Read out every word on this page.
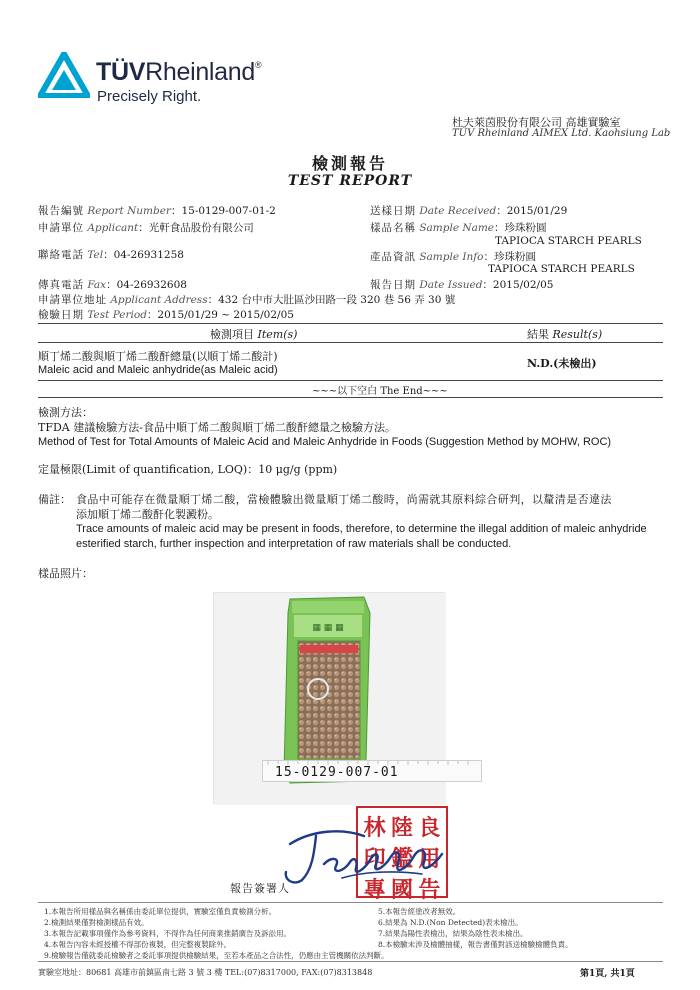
TÜVRheinland®
Precisely Right.
杜夫萊茵股份有限公司 高雄實驗室
TÜV Rheinland AIMEX Ltd. Kaohsiung Lab
檢測報告
TEST REPORT
報告編號 Report Number：15-0129-007-01-2
申請單位 Applicant：光軒食品股份有限公司
聯絡電話 Tel：04-26931258
傳真電話 Fax：04-26932608
申請單位地址 Applicant Address：432 台中市大肚區沙田路一段 320 巷 56 弄 30 號
檢驗日期 Test Period：2015/01/29 ~ 2015/02/05
送樣日期 Date Received：2015/01/29
樣品名稱 Sample Name：珍珠粉圓
TAPIOCA STARCH PEARLS
產品資訊 Sample Info：珍珠粉圓
TAPIOCA STARCH PEARLS
報告日期 Date Issued：2015/02/05
檢測項目 Item(s)	結果 Result(s)
順丁烯二酸與順丁烯二酸酐總量(以順丁烯二酸計)
Maleic acid and Maleic anhydride(as Maleic acid)	N.D.(未檢出)
~~~以下空白 The End~~~
檢測方法：
TFDA 建議檢驗方法-食品中順丁烯二酸與順丁烯二酸酐總量之檢驗方法。
Method of Test for Total Amounts of Maleic Acid and Maleic Anhydride in Foods (Suggestion Method by MOHW, ROC)
定量極限(Limit of quantification, LOQ)：10 μg/g (ppm)
備註： 食品中可能存在微量順丁烯二酸，當檢體驗出微量順丁烯二酸時，尚需就其原料綜合研判，以釐清是否違法
添加順丁烯二酸酐化製澱粉。
Trace amounts of maleic acid may be present in foods, therefore, to determine the illegal addition of maleic anhydride
esterified starch, further inspection and interpretation of raw materials shall be conducted.
樣品照片：
▦ ▦ ▦
15-0129-007-01
林 陸 良
印 鑑 用
專 國 告
報告簽署人
1.本報告所用樣品與名稱係由委託單位提供，實驗室僅負責檢測分析。
2.檢測結果僅對檢測樣品有效。
3.本報告記載事項僅作為參考資料，不得作為任何商業推銷廣告及訴訟用。
4.本報告內容未經授權不得部份複製，但完整複製除外。
9.檢驗報告僅就委託檢驗者之委託事項提供檢驗結果，至若本產品之合法性，仍應由主管機關依法判斷。
5.本報告經塗改者無效。
6.結果為 N.D.(Non Detected)表未檢出。
7.結果為陽性表檢出，結果為陰性表未檢出。
8.本檢驗未涉及檢體抽樣，報告書僅對該送檢驗檢體負責。
實驗室地址：80681 高雄市前鎮區南七路 3 號 3 樓 TEL:(07)8317000, FAX:(07)8313848	第1頁, 共1頁
